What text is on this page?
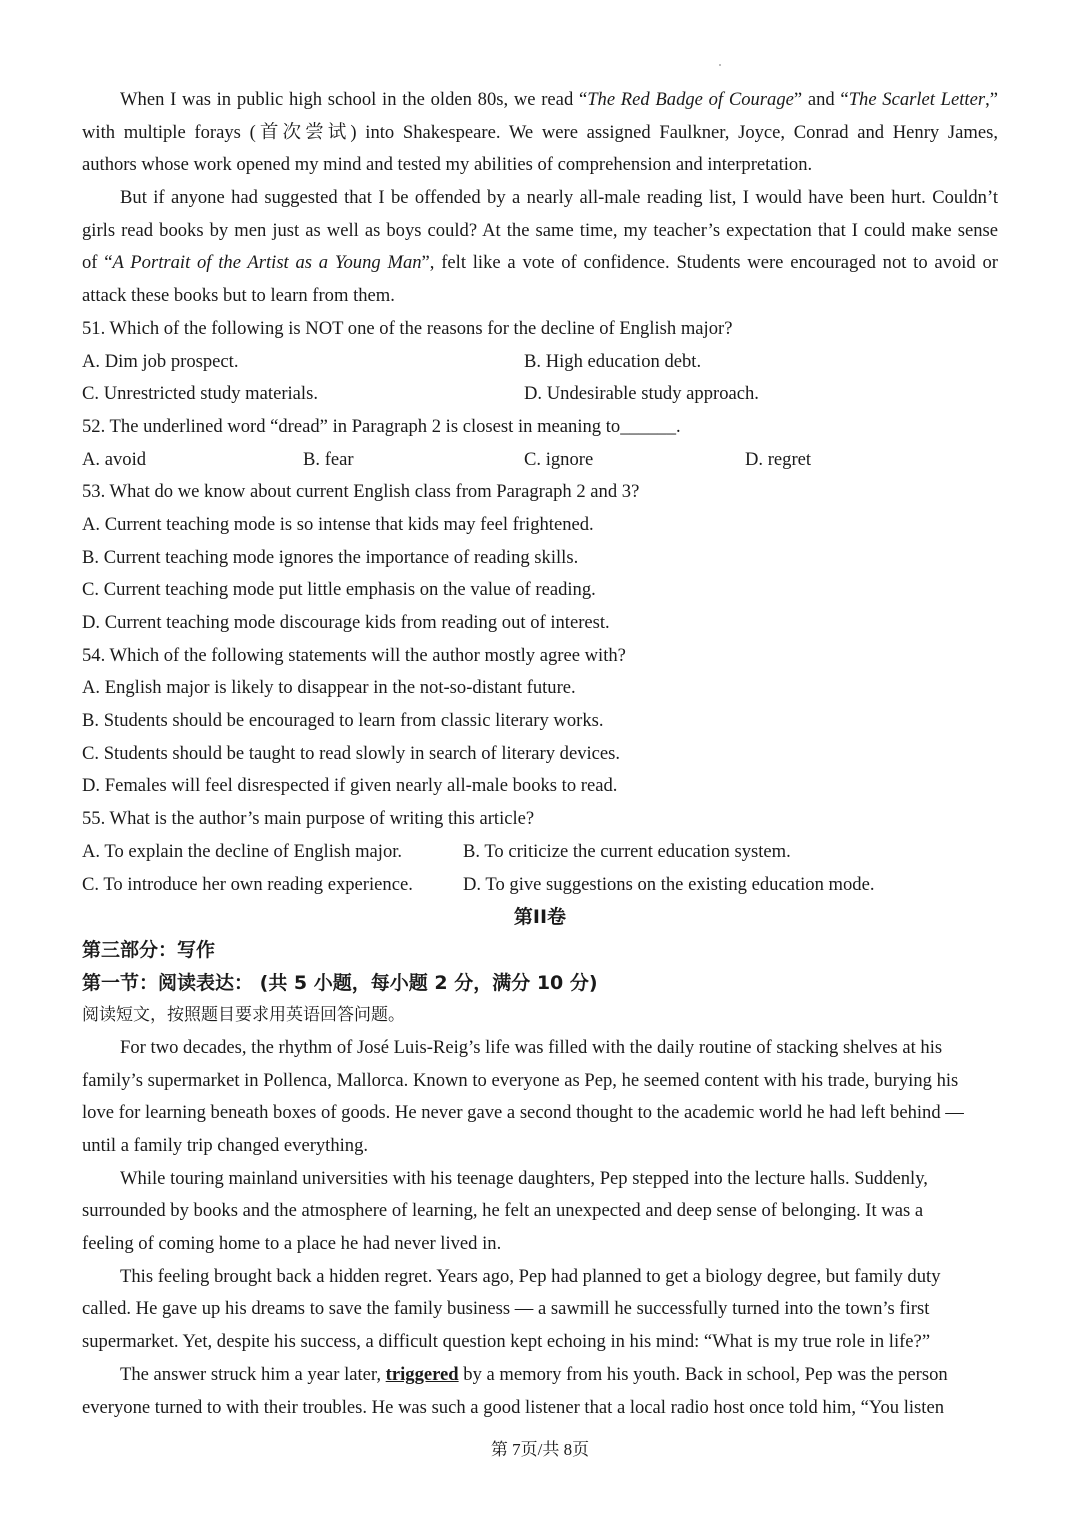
When I was in public high school in the olden 80s, we read “The Red Badge of Courage” and “The Scarlet Letter,”
with multiple forays (首次尝试) into Shakespeare. We were assigned Faulkner, Joyce, Conrad and Henry James,
authors whose work opened my mind and tested my abilities of comprehension and interpretation.
But if anyone had suggested that I be offended by a nearly all-male reading list, I would have been hurt. Couldn’t
girls read books by men just as well as boys could? At the same time, my teacher’s expectation that I could make sense
of “A Portrait of the Artist as a Young Man”, felt like a vote of confidence. Students were encouraged not to avoid or
attack these books but to learn from them.
51. Which of the following is NOT one of the reasons for the decline of English major?
A. Dim job prospect.	B. High education debt.
C. Unrestricted study materials.	D. Undesirable study approach.
52. The underlined word “dread” in Paragraph 2 is closest in meaning to______.
A. avoid	B. fear	C. ignore	D. regret
53. What do we know about current English class from Paragraph 2 and 3?
A. Current teaching mode is so intense that kids may feel frightened.
B. Current teaching mode ignores the importance of reading skills.
C. Current teaching mode put little emphasis on the value of reading.
D. Current teaching mode discourage kids from reading out of interest.
54. Which of the following statements will the author mostly agree with?
A. English major is likely to disappear in the not-so-distant future.
B. Students should be encouraged to learn from classic literary works.
C. Students should be taught to read slowly in search of literary devices.
D. Females will feel disrespected if given nearly all-male books to read.
55. What is the author’s main purpose of writing this article?
A. To explain the decline of English major.	B. To criticize the current education system.
C. To introduce her own reading experience.	D. To give suggestions on the existing education mode.
第II卷
第三部分：写作
第一节：阅读表达： (共 5 小题，每小题 2 分，满分 10 分)
阅读短文，按照题目要求用英语回答问题。
For two decades, the rhythm of José Luis-Reig’s life was filled with the daily routine of stacking shelves at his
family’s supermarket in Pollenca, Mallorca. Known to everyone as Pep, he seemed content with his trade, burying his
love for learning beneath boxes of goods. He never gave a second thought to the academic world he had left behind —
until a family trip changed everything.
While touring mainland universities with his teenage daughters, Pep stepped into the lecture halls. Suddenly,
surrounded by books and the atmosphere of learning, he felt an unexpected and deep sense of belonging. It was a
feeling of coming home to a place he had never lived in.
This feeling brought back a hidden regret. Years ago, Pep had planned to get a biology degree, but family duty
called. He gave up his dreams to save the family business — a sawmill he successfully turned into the town’s first
supermarket. Yet, despite his success, a difficult question kept echoing in his mind: “What is my true role in life?”
The answer struck him a year later, triggered by a memory from his youth. Back in school, Pep was the person
everyone turned to with their troubles. He was such a good listener that a local radio host once told him, “You listen
第 7页/共 8页
